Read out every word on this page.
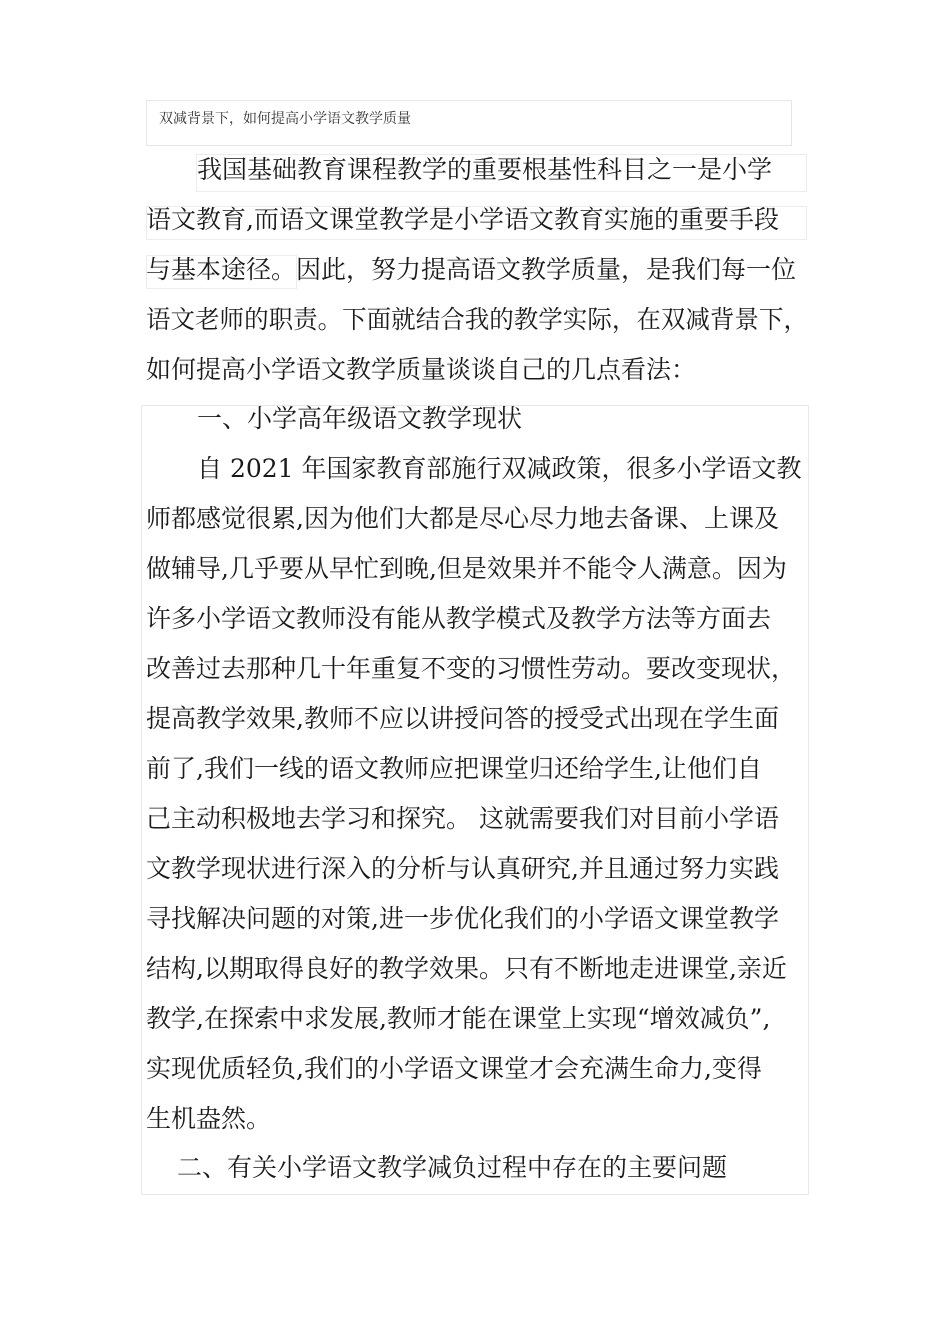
双减背景下，如何提高小学语文教学质量
我国基础教育课程教学的重要根基性科目之一是小学
语文教育,而语文课堂教学是小学语文教育实施的重要手段
与基本途径。因此，努力提高语文教学质量，是我们每一位
语文老师的职责。下面就结合我的教学实际，在双减背景下，
如何提高小学语文教学质量谈谈自己的几点看法：
一、小学高年级语文教学现状
自 2021 年国家教育部施行双减政策，很多小学语文教
师都感觉很累,因为他们大都是尽心尽力地去备课、上课及
做辅导,几乎要从早忙到晚,但是效果并不能令人满意。因为
许多小学语文教师没有能从教学模式及教学方法等方面去
改善过去那种几十年重复不变的习惯性劳动。要改变现状，
提高教学效果,教师不应以讲授问答的授受式出现在学生面
前了,我们一线的语文教师应把课堂归还给学生,让他们自
己主动积极地去学习和探究。 这就需要我们对目前小学语
文教学现状进行深入的分析与认真研究,并且通过努力实践
寻找解决问题的对策,进一步优化我们的小学语文课堂教学
结构,以期取得良好的教学效果。只有不断地走进课堂,亲近
教学,在探索中求发展,教师才能在课堂上实现“增效减负”,
实现优质轻负,我们的小学语文课堂才会充满生命力,变得
生机盎然。
二、有关小学语文教学减负过程中存在的主要问题
